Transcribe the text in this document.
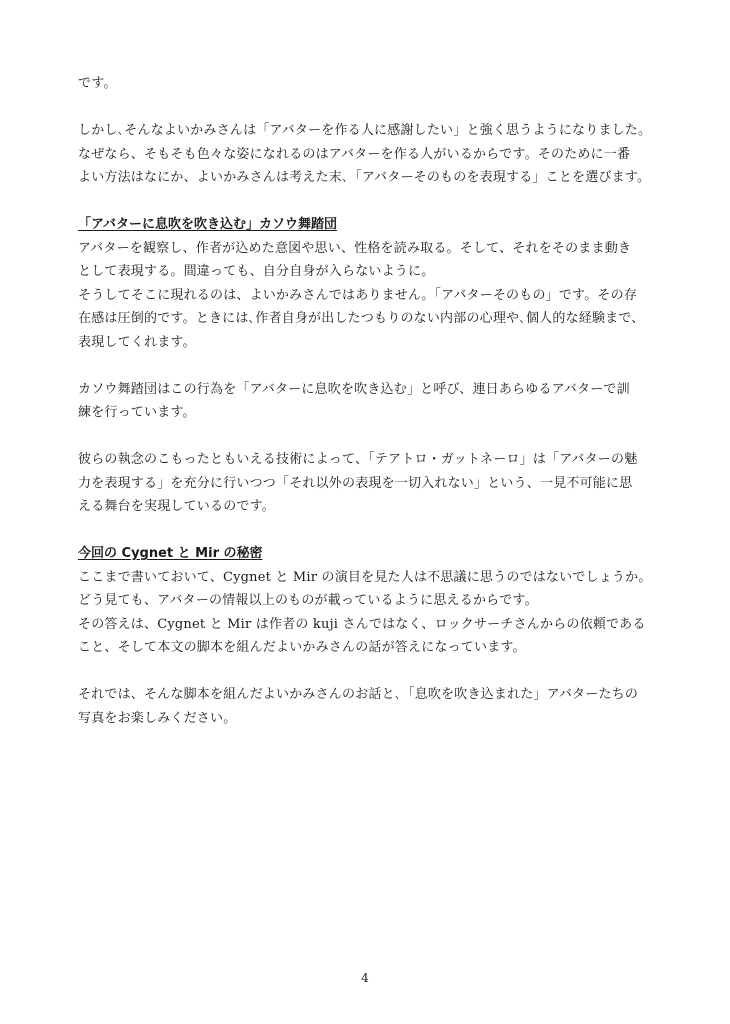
です。

しかし､そんなよいかみさんは「アバターを作る人に感謝したい」と強く思うようになりました｡
なぜなら、そもそも色々な姿になれるのはアバターを作る人がいるからです。そのために一番
よい方法はなにか、よいかみさんは考えた末､「アバターそのものを表現する」ことを選びます。

「アバターに息吹を吹き込む」カソウ舞踏団

アバターを観察し、作者が込めた意図や思い、性格を読み取る。そして、それをそのまま動き
として表現する。間違っても、自分自身が入らないように。
そうしてそこに現れるのは、よいかみさんではありません｡「アバターそのもの」です。その存
在感は圧倒的です。ときには､作者自身が出したつもりのない内部の心理や､個人的な経験まで、
表現してくれます。

カソウ舞踏団はこの行為を「アバターに息吹を吹き込む」と呼び、連日あらゆるアバターで訓
練を行っています。

彼らの執念のこもったともいえる技術によって、「テアトロ・ガットネーロ」は「アバターの魅
力を表現する」を充分に行いつつ「それ以外の表現を一切入れない」という、一見不可能に思
える舞台を実現しているのです。

今回の Cygnet と Mir の秘密

ここまで書いておいて、Cygnet と Mir の演目を見た人は不思議に思うのではないでしょうか。
どう見ても、アバターの情報以上のものが載っているように思えるからです。
その答えは、Cygnet と Mir は作者の kuji さんではなく、ロックサーチさんからの依頼である
こと、そして本文の脚本を組んだよいかみさんの話が答えになっています。

それでは、そんな脚本を組んだよいかみさんのお話と､「息吹を吹き込まれた」アバターたちの
写真をお楽しみください。

4
